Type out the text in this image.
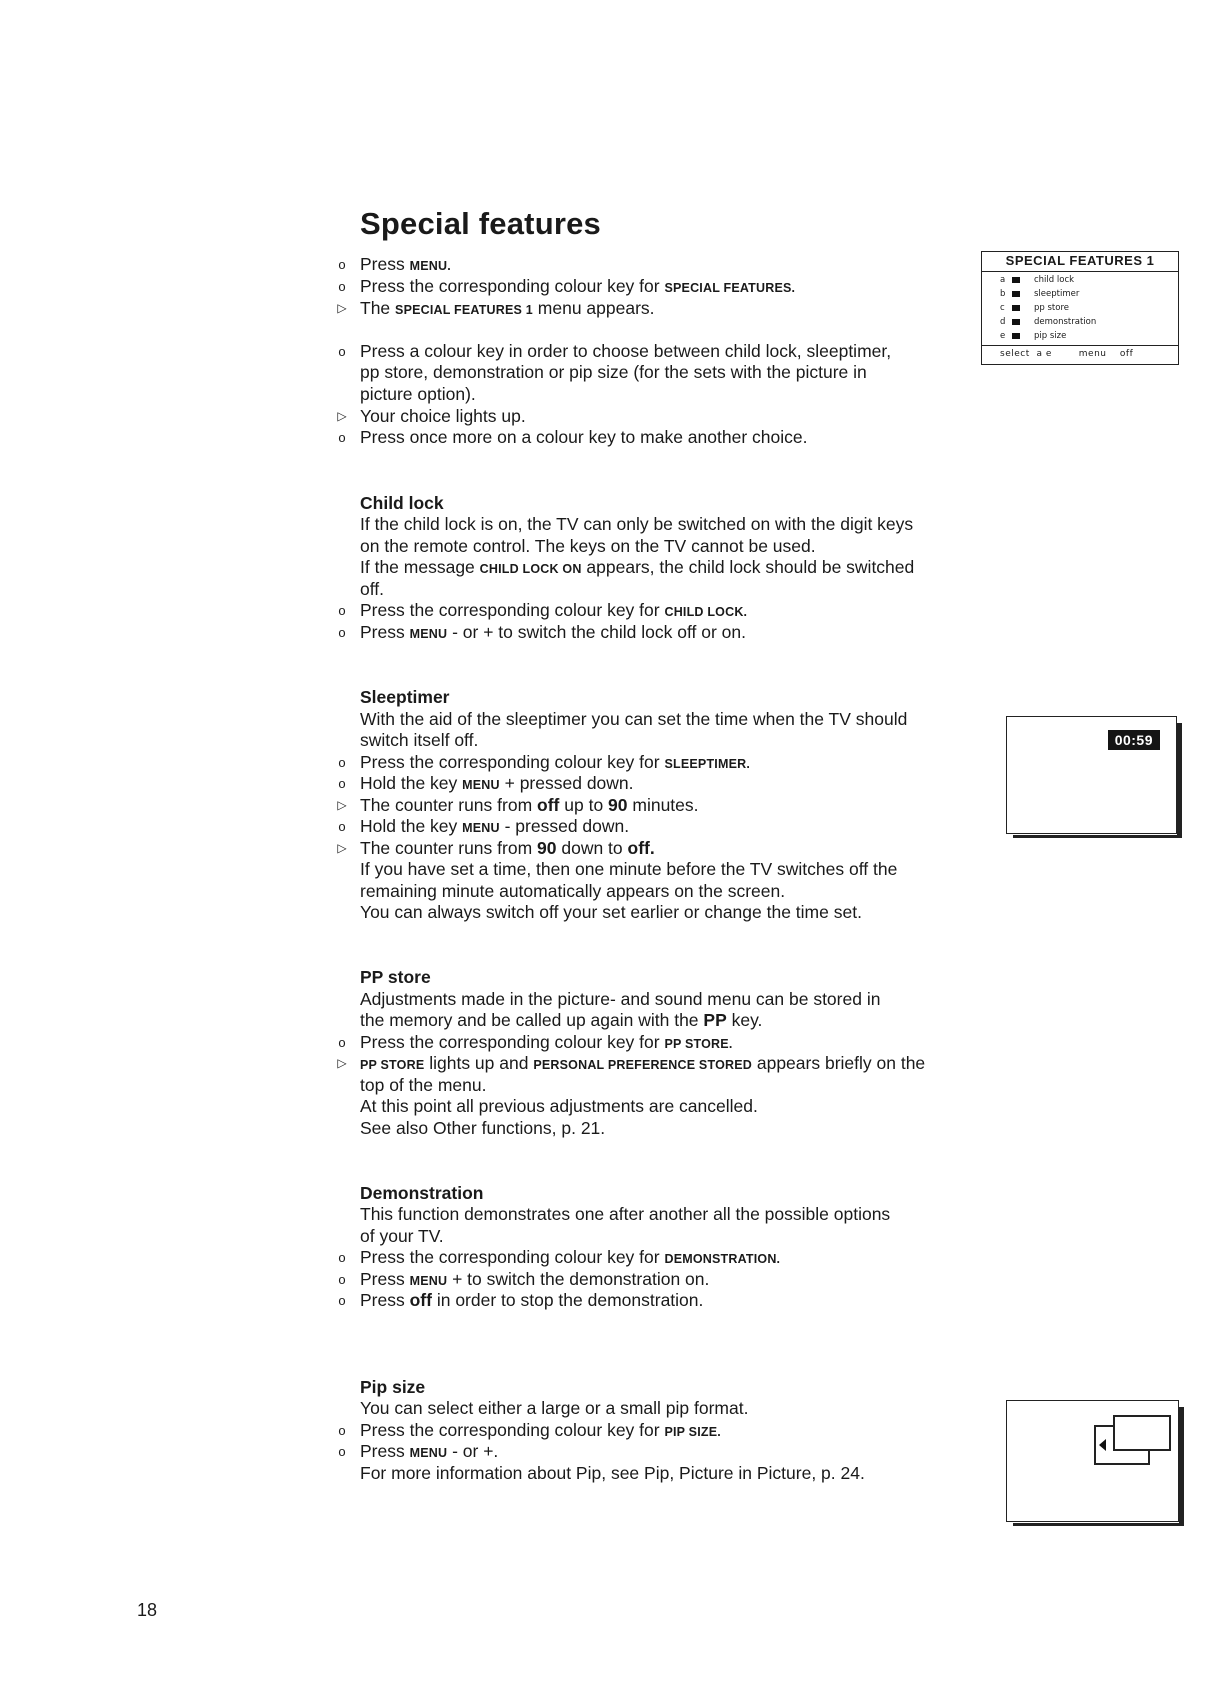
Special features
o Press MENU.
o Press the corresponding colour key for SPECIAL FEATURES.
▷ The SPECIAL FEATURES 1 menu appears.
o Press a colour key in order to choose between child lock, sleeptimer,
pp store, demonstration or pip size (for the sets with the picture in
picture option).
▷ Your choice lights up.
o Press once more on a colour key to make another choice.
SPECIAL FEATURES 1
a	child lock
b	sleeptimer
c	pp store
d	demonstration
e	pip size
select  a e        menu    off
Child lock
If the child lock is on, the TV can only be switched on with the digit keys
on the remote control. The keys on the TV cannot be used.
If the message CHILD LOCK ON appears, the child lock should be switched
off.
o Press the corresponding colour key for CHILD LOCK.
o Press MENU - or + to switch the child lock off or on.
Sleeptimer
With the aid of the sleeptimer you can set the time when the TV should
switch itself off.
o Press the corresponding colour key for SLEEPTIMER.
o Hold the key MENU + pressed down.
▷ The counter runs from off up to 90 minutes.
o Hold the key MENU - pressed down.
▷ The counter runs from 90 down to off.
If you have set a time, then one minute before the TV switches off the
remaining minute automatically appears on the screen.
You can always switch off your set earlier or change the time set.
00:59
PP store
Adjustments made in the picture- and sound menu can be stored in
the memory and be called up again with the PP key.
o Press the corresponding colour key for PP STORE.
▷ PP STORE lights up and PERSONAL PREFERENCE STORED appears briefly on the
top of the menu.
At this point all previous adjustments are cancelled.
See also Other functions, p. 21.
Demonstration
This function demonstrates one after another all the possible options
of your TV.
o Press the corresponding colour key for DEMONSTRATION.
o Press MENU + to switch the demonstration on.
o Press off in order to stop the demonstration.
Pip size
You can select either a large or a small pip format.
o Press the corresponding colour key for PIP SIZE.
o Press MENU - or +.
For more information about Pip, see Pip, Picture in Picture, p. 24.
18
